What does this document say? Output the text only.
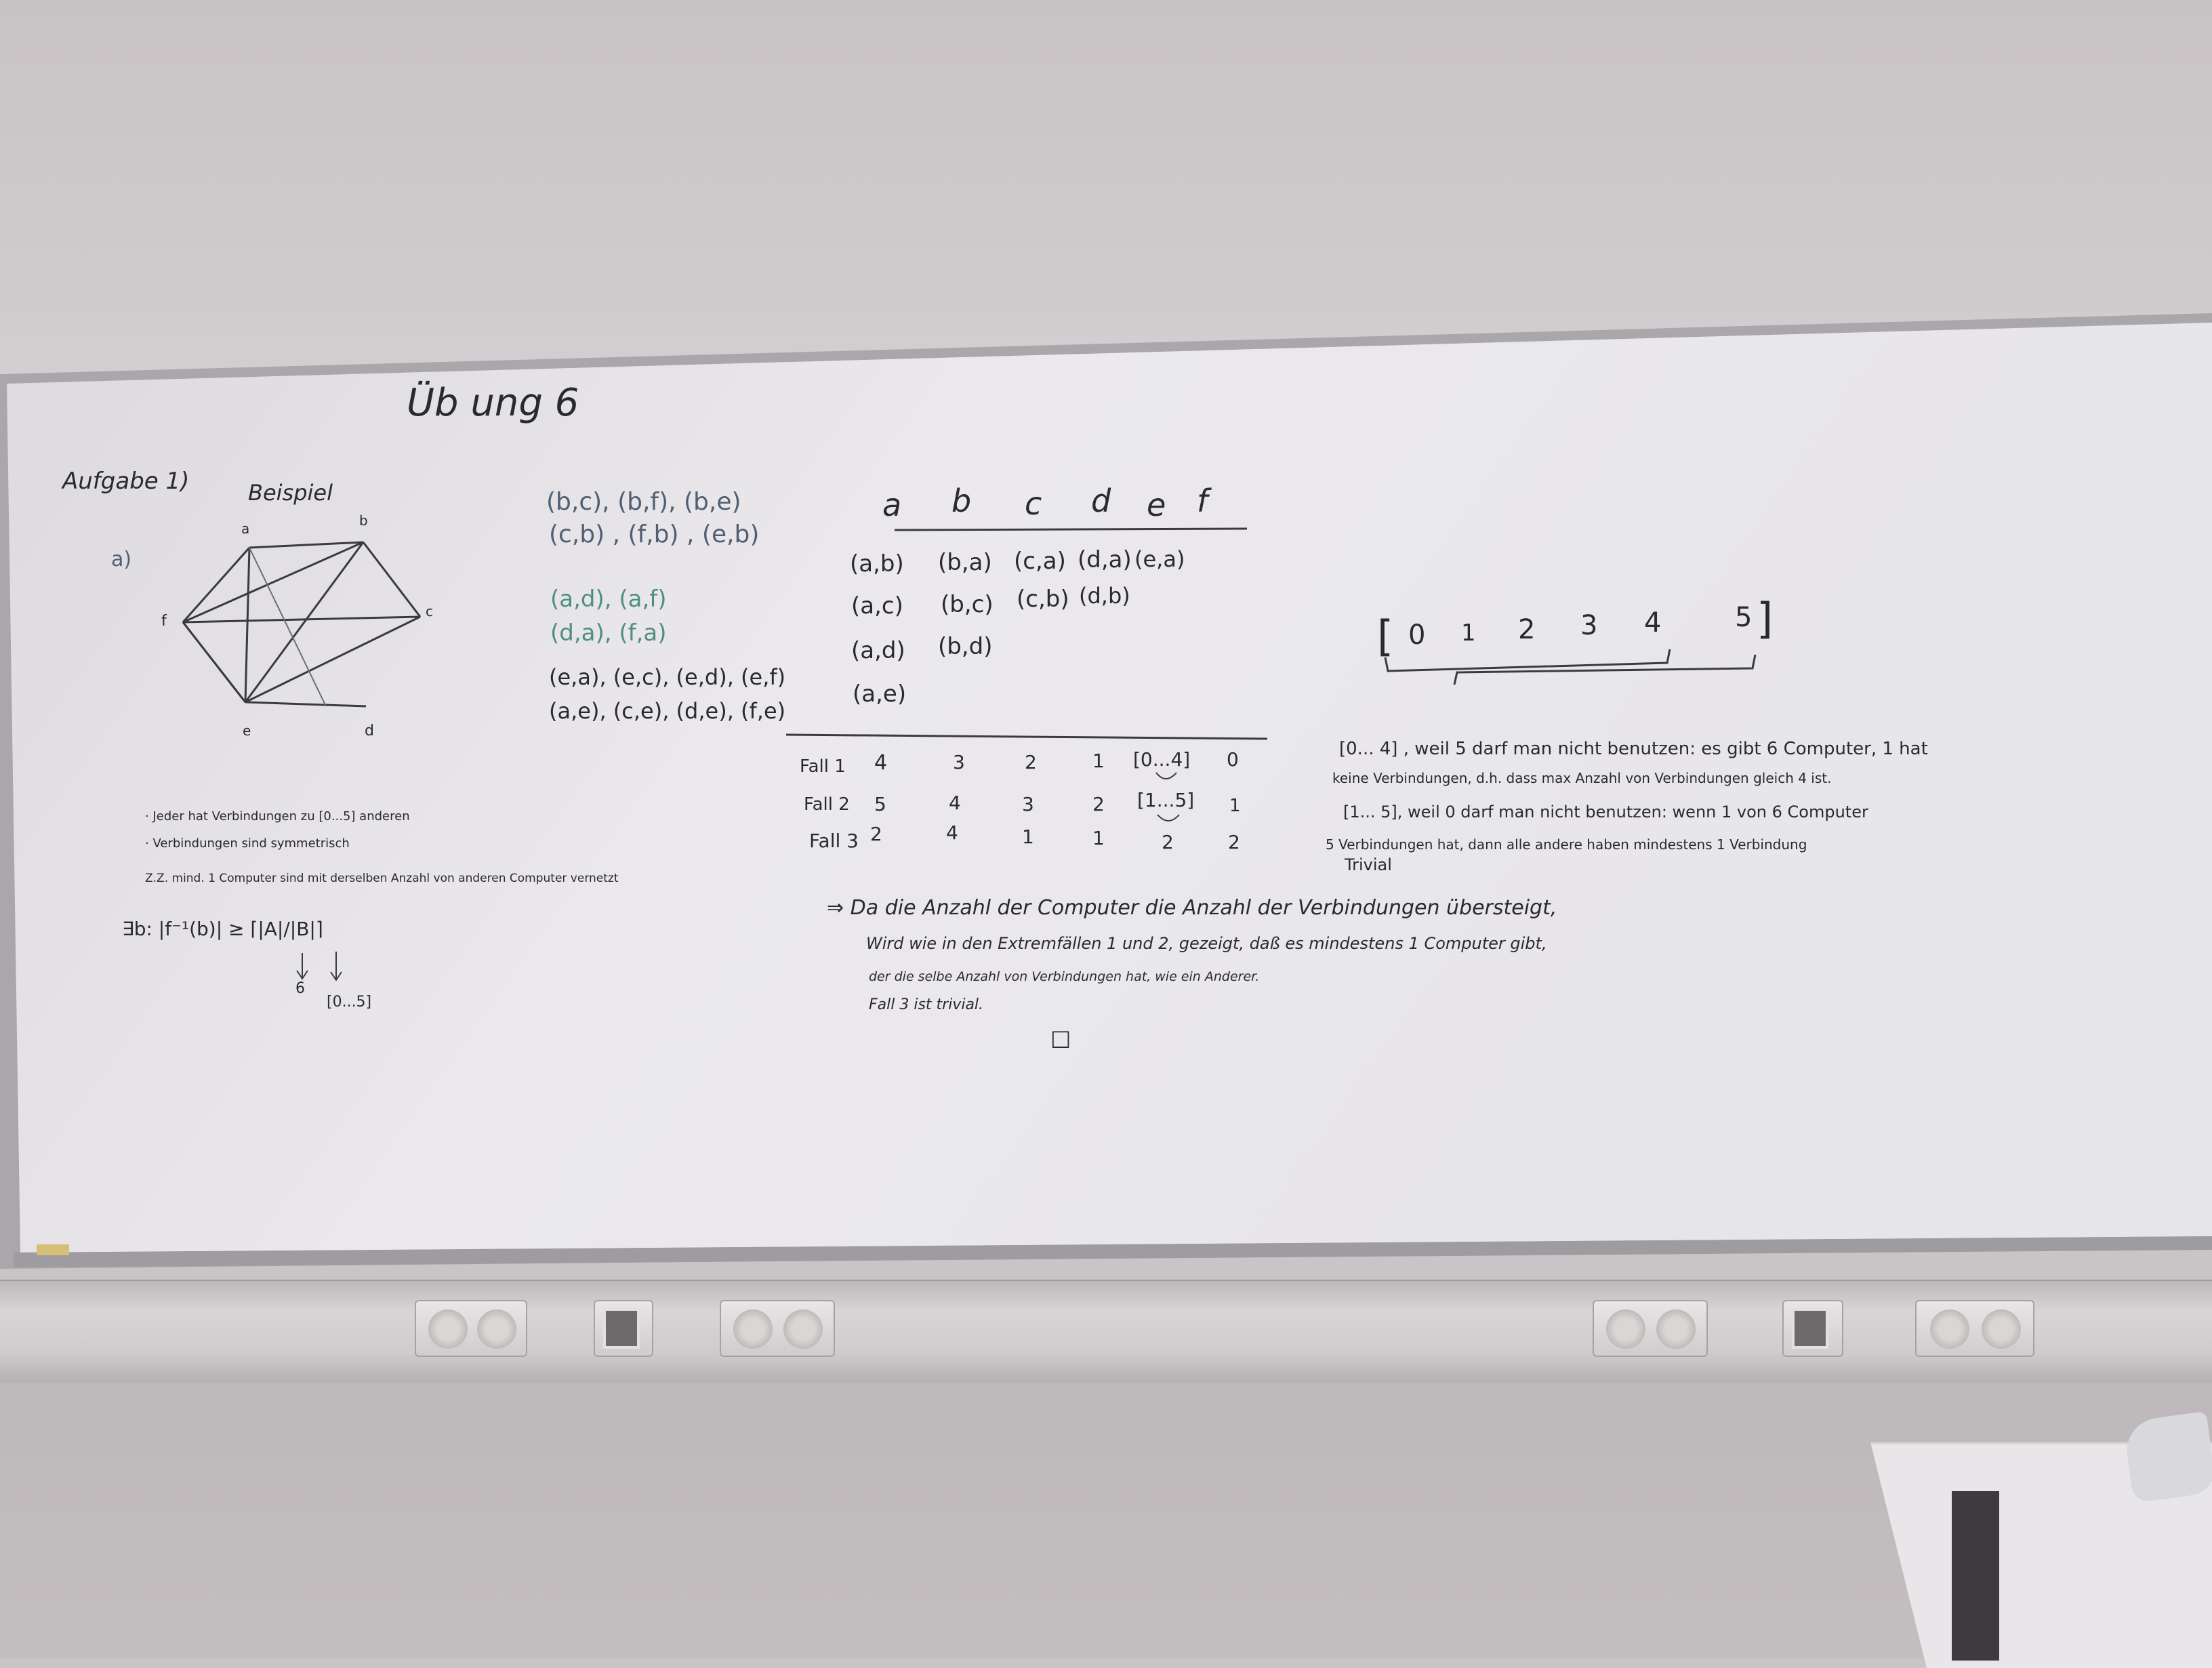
Üb ung 6
Aufgabe 1)
a)
Beispiel
a	b
c
d
e
f
(b,c), (b,f), (b,e)
(c,b) , (f,b) , (e,b)
(a,d), (a,f)
(d,a), (f,a)
(e,a), (e,c), (e,d), (e,f)
(a,e), (c,e), (d,e), (f,e)
a b c d e f
(a,b) (b,a) (c,a) (d,a) (e,a)
(a,c) (b,c) (c,b) (d,b)
(a,d) (b,d)
(a,e)
Fall 1 4	3	2	1 [0...4] 0
Fall 2 5	4	3	2 [1...5] 1
Fall 3 2	4	1	1	2	2
· Jeder hat Verbindungen zu [0...5] anderen
· Verbindungen sind symmetrisch
Z.Z. mind. 1 Computer sind mit derselben Anzahl von anderen Computer vernetzt
∃b: |f⁻¹(b)| ≥ ⌈|A|/|B|⌉
6
[0...5]
[ 0 1 2 3 4	5 ]
[0... 4] , weil 5 darf man nicht benutzen: es gibt 6 Computer, 1 hat
keine Verbindungen, d.h. dass max Anzahl von Verbindungen gleich 4 ist.
[1... 5], weil 0 darf man nicht benutzen: wenn 1 von 6 Computer
5 Verbindungen hat, dann alle andere haben mindestens 1 Verbindung
Trivial
⇒ Da die Anzahl der Computer die Anzahl der Verbindungen übersteigt,
Wird wie in den Extremfällen 1 und 2, gezeigt, daß es mindestens 1 Computer gibt,
der die selbe Anzahl von Verbindungen hat, wie ein Anderer.
Fall 3 ist trivial.
□
